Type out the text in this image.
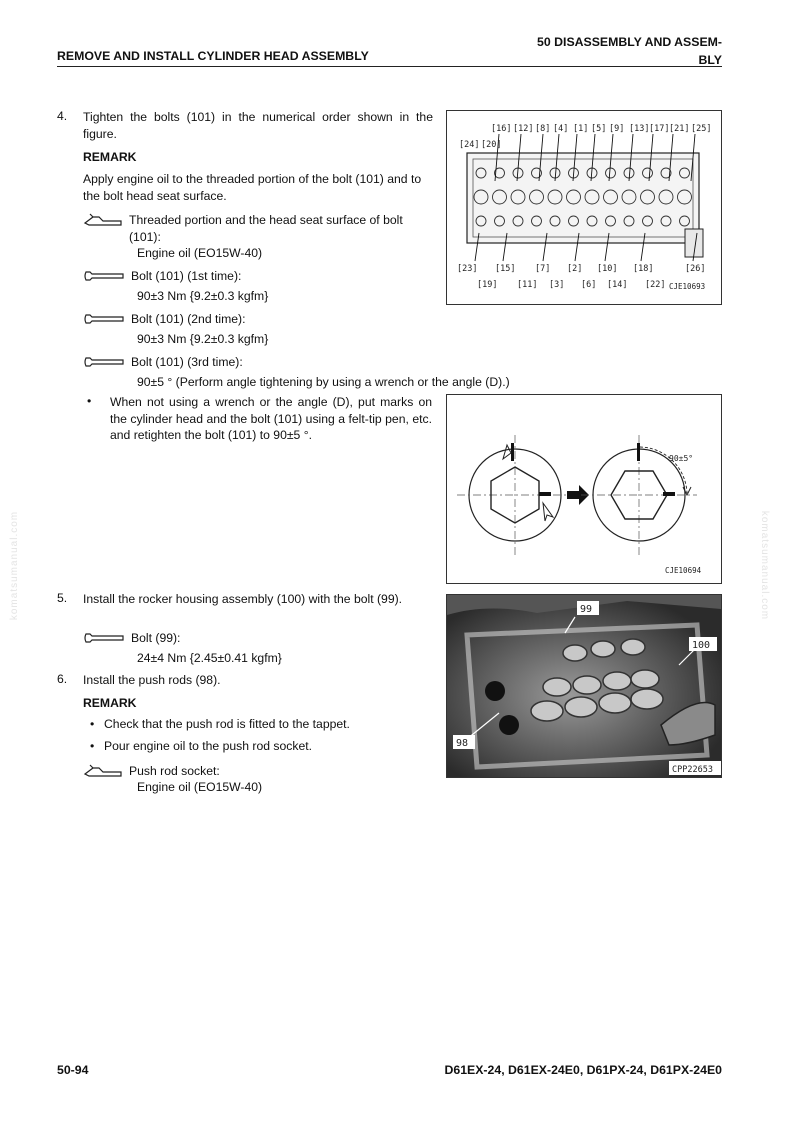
50 DISASSEMBLY AND ASSEM-
BLY
REMOVE AND INSTALL CYLINDER HEAD ASSEMBLY
komatsumanual.com	komatsumanual.com
4. Tighten the bolts (101) in the numerical order shown in the figure.
REMARK
Apply engine oil to the threaded portion of the bolt (101) and to the bolt head seat surface.
Threaded portion and the head seat surface of bolt (101):
Engine oil (EO15W-40)
Bolt (101) (1st time):
90±3 Nm {9.2±0.3 kgfm}
Bolt (101) (2nd time):
90±3 Nm {9.2±0.3 kgfm}
Bolt (101) (3rd time):
90±5 ° (Perform angle tightening by using a wrench or the angle (D).)
• When not using a wrench or the angle (D), put marks on the cylinder head and the bolt (101) using a felt-tip pen, etc. and retighten the bolt (101) to 90±5 °.
[16] [12] [8] [4] [1] [5] [9] [13] [17] [21] [25]
[24] [20]
[23] [15] [7] [2] [10] [18]	[26]
[19] [11] [3] [6] [14] [22] CJE10693
90±5°
CJE10694
5. Install the rocker housing assembly (100) with the bolt (99).
Bolt (99):
24±4 Nm {2.45±0.41 kgfm}
6. Install the push rods (98).
REMARK
• Check that the push rod is fitted to the tappet.
• Pour engine oil to the push rod socket.
Push rod socket:
Engine oil (EO15W-40)
99
100
98
CPP22653
50-94	D61EX-24, D61EX-24E0, D61PX-24, D61PX-24E0
